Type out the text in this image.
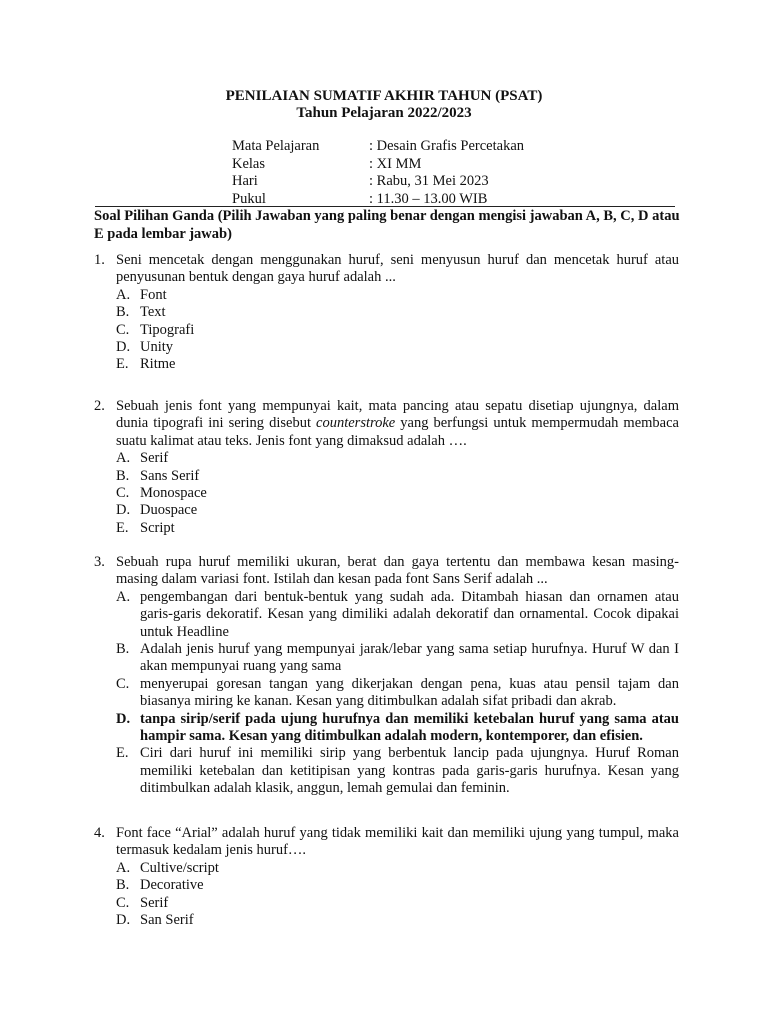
PENILAIAN SUMATIF AKHIR TAHUN (PSAT)
Tahun Pelajaran 2022/2023
Mata Pelajaran	: Desain Grafis Percetakan
Kelas	: XI MM
Hari	: Rabu, 31 Mei 2023
Pukul	: 11.30 – 13.00 WIB
Soal Pilihan Ganda (Pilih Jawaban yang paling benar dengan mengisi jawaban A, B, C, D atau E pada lembar jawab)
1. Seni mencetak dengan menggunakan huruf, seni menyusun huruf dan mencetak huruf atau penyusunan bentuk dengan gaya huruf adalah ...
A. Font
B. Text
C. Tipografi
D. Unity
E. Ritme
2. Sebuah jenis font yang mempunyai kait, mata pancing atau sepatu disetiap ujungnya, dalam dunia tipografi ini sering disebut counterstroke yang berfungsi untuk mempermudah membaca suatu kalimat atau teks. Jenis font yang dimaksud adalah ….
A. Serif
B. Sans Serif
C. Monospace
D. Duospace
E. Script
3. Sebuah rupa huruf memiliki ukuran, berat dan gaya tertentu dan membawa kesan masing-masing dalam variasi font. Istilah dan kesan pada font Sans Serif adalah ...
A. pengembangan dari bentuk-bentuk yang sudah ada. Ditambah hiasan dan ornamen atau garis-garis dekoratif. Kesan yang dimiliki adalah dekoratif dan ornamental. Cocok dipakai untuk Headline
B. Adalah jenis huruf yang mempunyai jarak/lebar yang sama setiap hurufnya. Huruf W dan I akan mempunyai ruang yang sama
C. menyerupai goresan tangan yang dikerjakan dengan pena, kuas atau pensil tajam dan biasanya miring ke kanan. Kesan yang ditimbulkan adalah sifat pribadi dan akrab.
D. tanpa sirip/serif pada ujung hurufnya dan memiliki ketebalan huruf yang sama atau hampir sama. Kesan yang ditimbulkan adalah modern, kontemporer, dan efisien.
E. Ciri dari huruf ini memiliki sirip yang berbentuk lancip pada ujungnya. Huruf Roman memiliki ketebalan dan ketitipisan yang kontras pada garis-garis hurufnya. Kesan yang ditimbulkan adalah klasik, anggun, lemah gemulai dan feminin.
4. Font face “Arial” adalah huruf yang tidak memiliki kait dan memiliki ujung yang tumpul, maka termasuk kedalam jenis huruf….
A. Cultive/script
B. Decorative
C. Serif
D. San Serif
